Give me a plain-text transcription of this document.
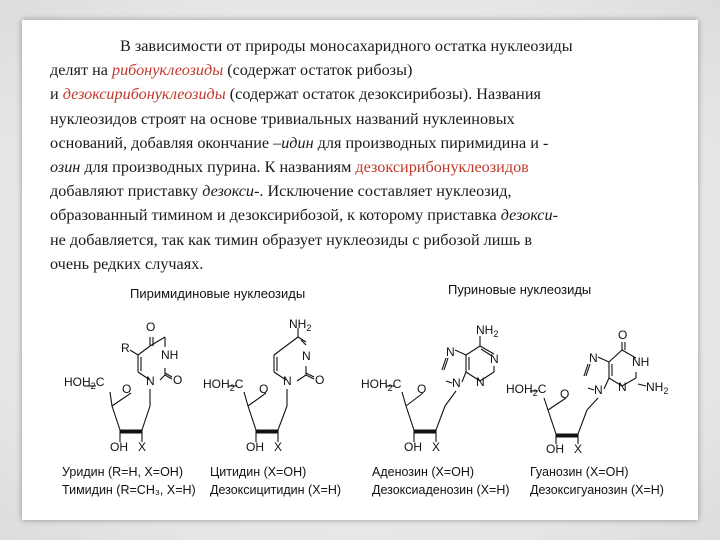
В зависимости от природы моносахаридного остатка нуклеозиды
делят на рибонуклеозиды (содержат остаток рибозы)
и дезоксирибонуклеозиды (содержат остаток дезоксирибозы). Названия
нуклеозидов строят на основе тривиальных названий нуклеиновых
оснований, добавляя окончание –идин для производных пиримидина и -
озин для производных пурина. К названиям дезоксирибонуклеозидов
добавляют приставку дезокси-. Исключение составляет нуклеозид,
образованный тимином и дезоксирибозой, к которому приставка дезокси-
не добавляется, так как тимин образует нуклеозиды с рибозой лишь в
очень редких случаях.
Пиримидиновые нуклеозиды	Пуриновые нуклеозиды
O
NH
O
N
R
O
$HOH_2C$
OH X
Уридин (R=H, X=OH)
Тимидин (R=CH₃, X=H)
$NH_2$
N
O
N
O
$HOH_2C$
OH X
Цитидин (X=OH)
Дезоксицитидин (X=H)
$NH_2$
N
N
N
N
O
$HOH_2C$
OH X
Аденозин (X=OH)
Дезоксиаденозин (X=H)
O
NH
N $NH_2$
N
N
O
$HOH_2C$
OH X
Гуанозин (X=OH)
Дезоксигуанозин (X=H)
